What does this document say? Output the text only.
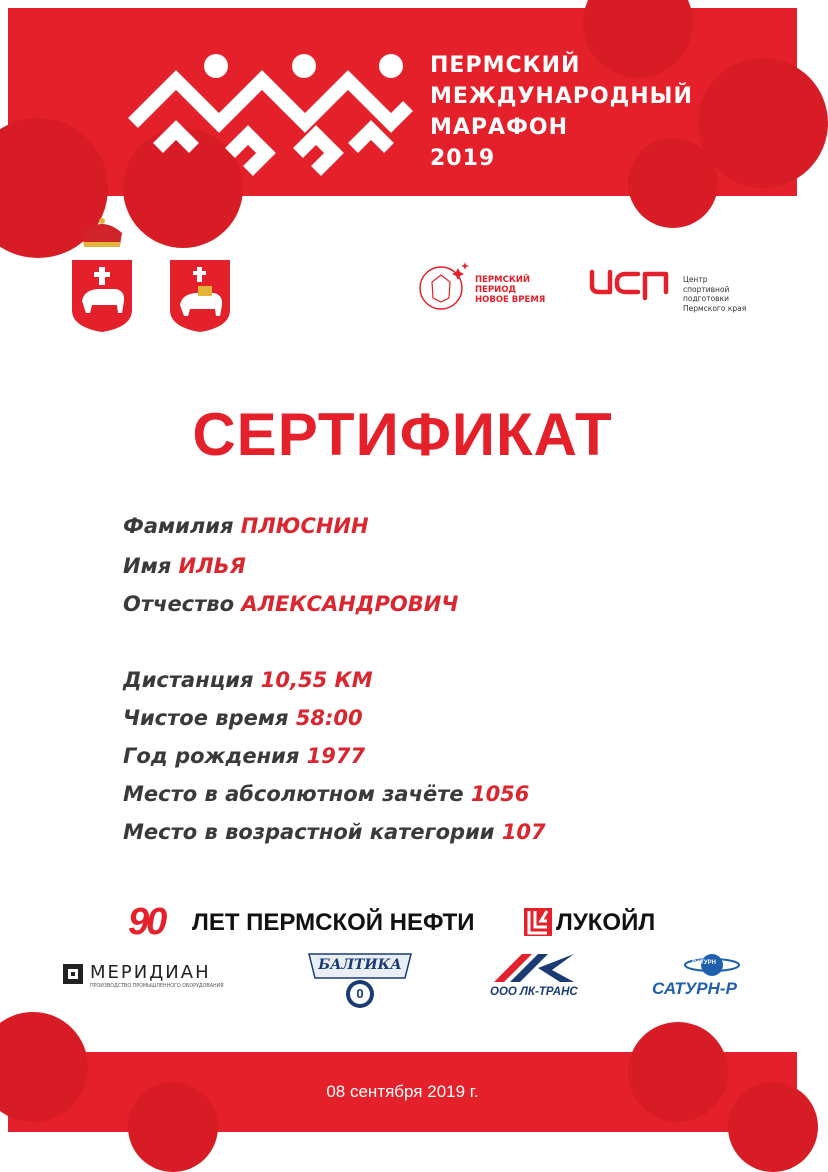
ПЕРМСКИЙ
МЕЖДУНАРОДНЫЙ
МАРАФОН
2019
ПЕРМСКИЙ
ПЕРИОД
НОВОЕ ВРЕМЯ
ЦСП
Центр спортивной
подготовки
Пермского края
СЕРТИФИКАТ
Фамилия ПЛЮСНИН
Имя ИЛЬЯ
Отчество АЛЕКСАНДРОВИЧ
Дистанция 10,55 КМ
Чистое время 58:00
Год рождения 1977
Место в абсолютном зачёте 1056
Место в возрастной категории 107
90 ЛЕТ ПЕРМСКОЙ НЕФТИ	ЛУКОЙЛ
МЕРИДИАН
ПРОИЗВОДСТВО ПРОМЫШЛЕННОГО ОБОРУДОВАНИЯ
БАЛТИКА
0	ООО ЛК-ТРАНС
САТУРН
САТУРН-Р
08 сентября 2019 г.
